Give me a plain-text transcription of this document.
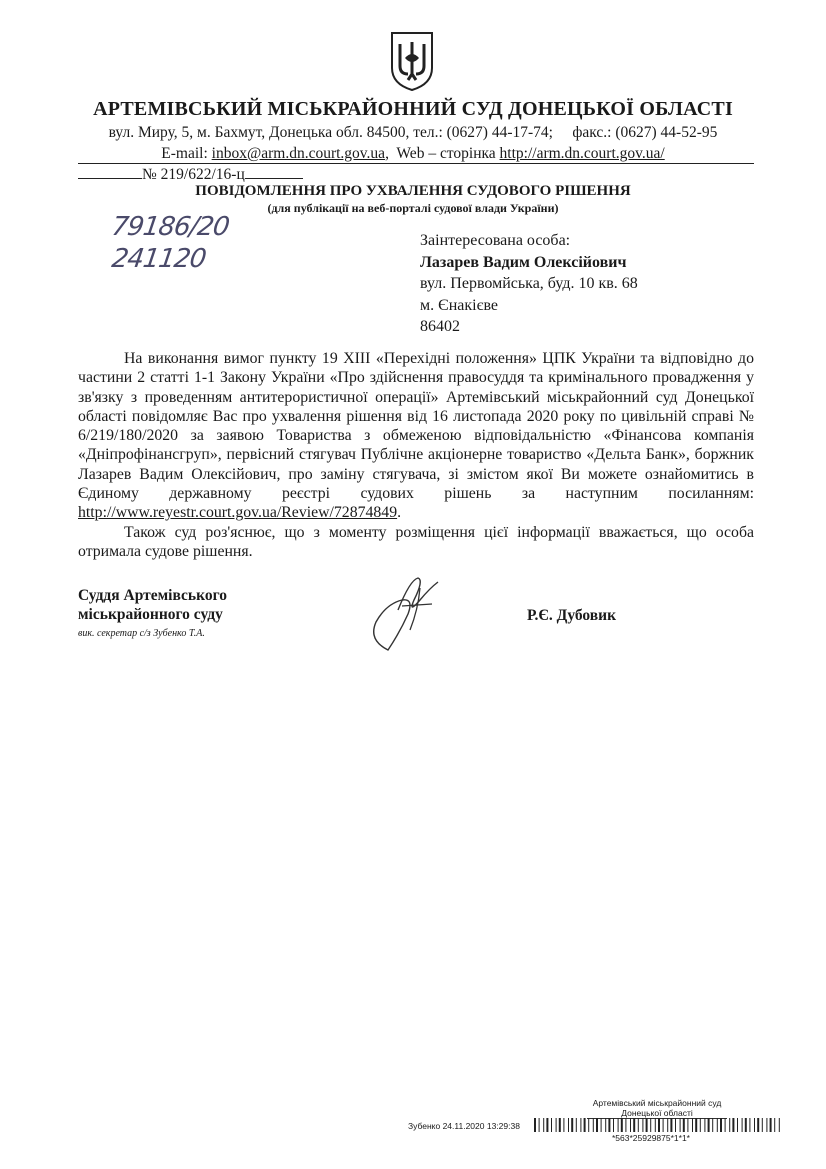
АРТЕМІВСЬКИЙ МІСЬКРАЙОННИЙ СУД ДОНЕЦЬКОЇ ОБЛАСТІ
вул. Миру, 5, м. Бахмут, Донецька обл. 84500, тел.: (0627) 44-17-74; факс.: (0627) 44-52-95
E-mail: inbox@arm.dn.court.gov.ua,  Web – сторінка http://arm.dn.court.gov.ua/
№ 219/622/16-ц
ПОВІДОМЛЕННЯ ПРО УХВАЛЕННЯ СУДОВОГО РІШЕННЯ
(для публікації на веб-порталі судової влади України)
79186/20
241120
Заінтересована особа:
Лазарев Вадим Олексійович
вул. Первомйська, буд. 10 кв. 68
м. Єнакієве
86402

На виконання вимог пункту 19 ХIII «Перехідні положення» ЦПК України та відповідно до частини 2 статті 1-1 Закону України «Про здійснення правосуддя та кримінального провадження у зв'язку з проведенням антитерористичної операції» Артемівський міськрайонний суд Донецької області повідомляє Вас про ухвалення рішення від 16 листопада 2020 року по цивільній справі № 6/219/180/2020 за заявою Товариства з обмеженою відповідальністю «Фінансова компанія «Дніпрофінансгруп», первісний стягувач Публічне акціонерне товариство «Дельта Банк», боржник Лазарев Вадим Олексійович, про заміну стягувача, зі змістом якої Ви можете ознайомитись в Єдиному державному реєстрі судових рішень за наступним посиланням: http://www.reyestr.court.gov.ua/Review/72874849.

Також суд роз'яснює, що з моменту розміщення цієї інформації вважається, що особа отримала судове рішення.

Суддя Артемівського
міськрайонного суду
вик. секретар с/з Зубенко Т.А.
Р.Є. Дубовик
Артемівський міськрайонний суд
Донецької області
Зубенко 24.11.2020 13:29:38
*563*25929875*1*1*
